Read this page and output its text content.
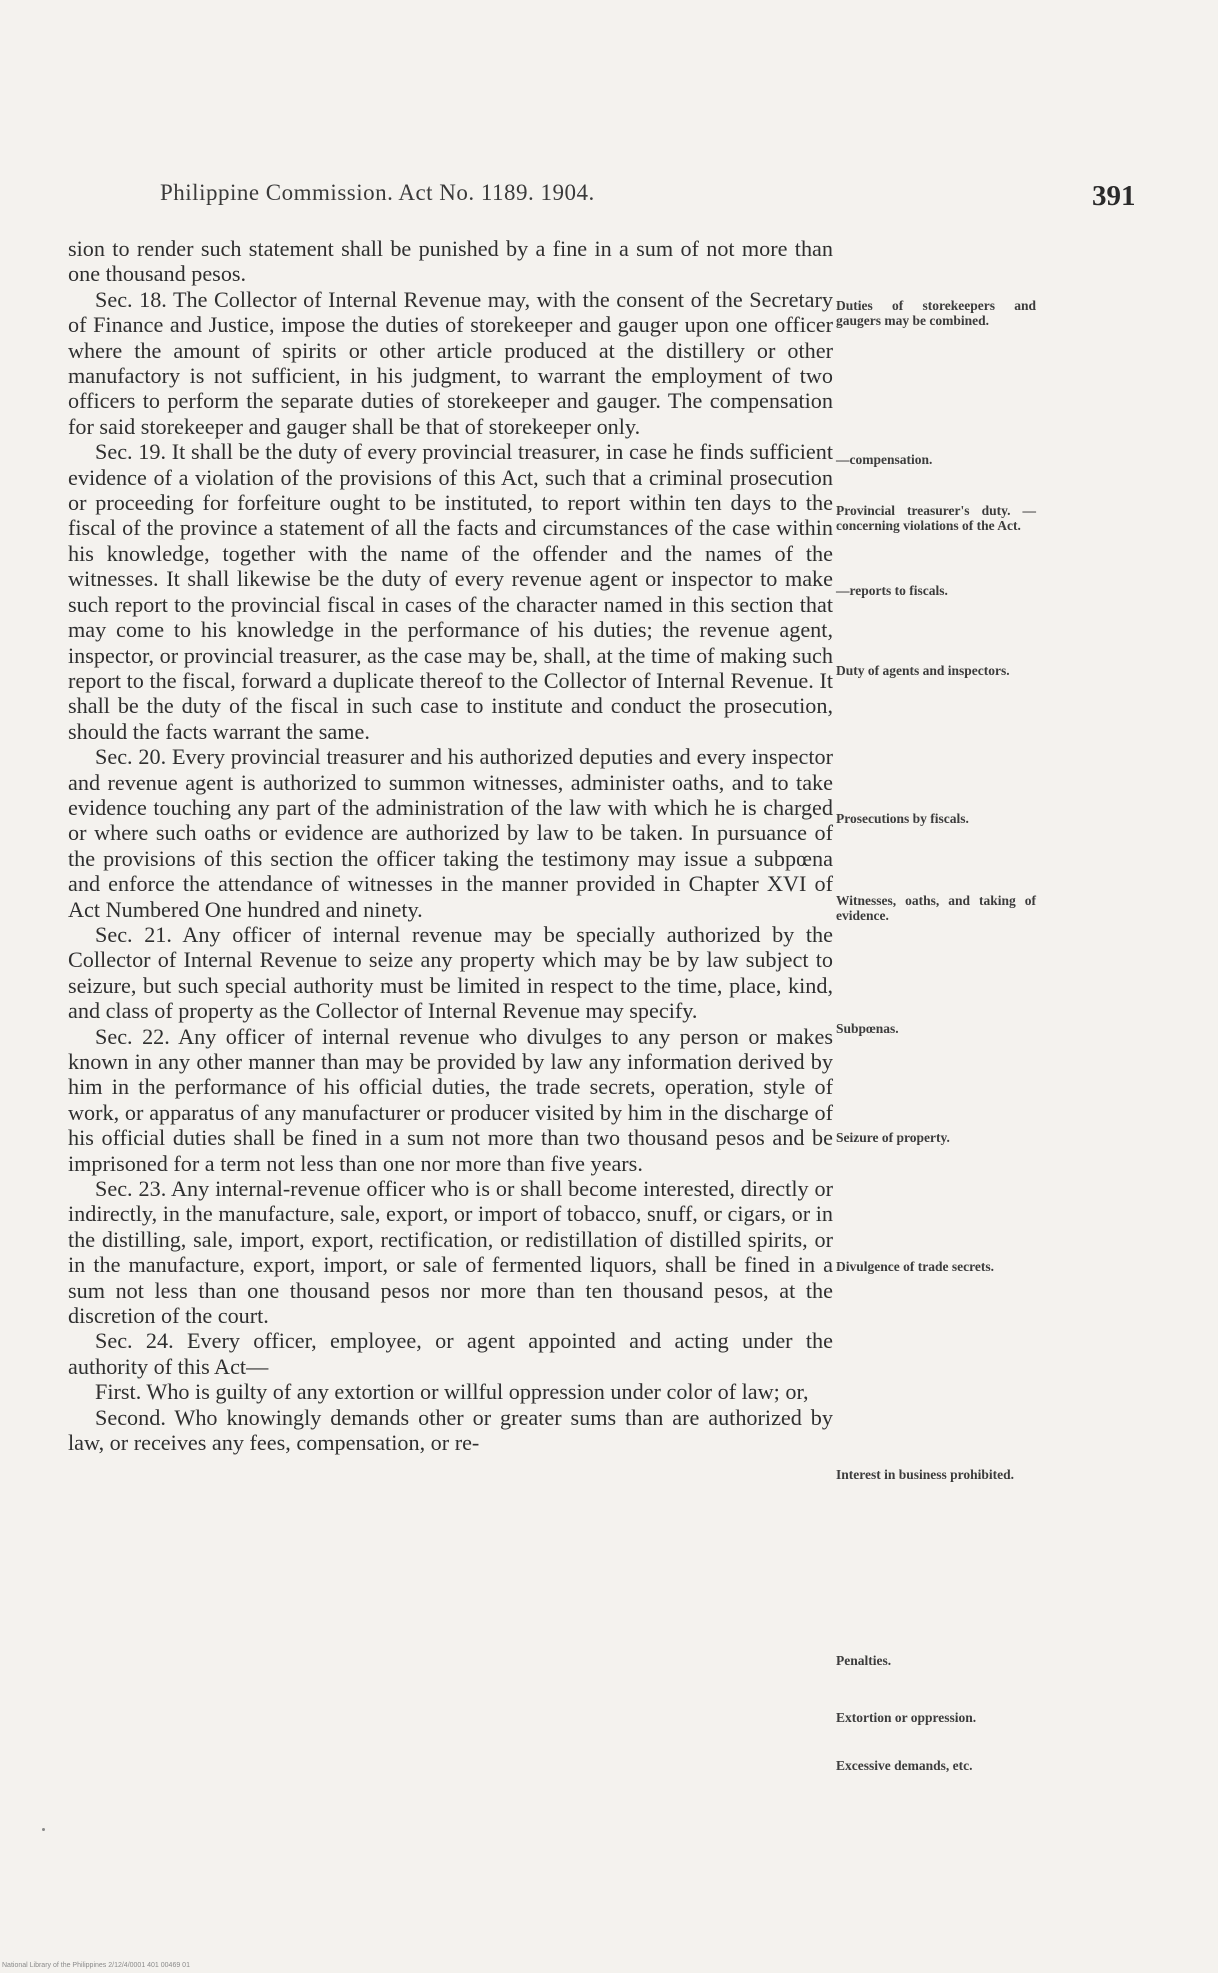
Philippine Commission. Act No. 1189. 1904.	391

sion to render such statement shall be punished by a fine in a sum of not more than one thousand pesos.

Sec. 18. The Collector of Internal Revenue may, with the consent of the Secretary of Finance and Justice, impose the duties of storekeeper and gauger upon one officer where the amount of spirits or other article produced at the distillery or other manufactory is not sufficient, in his judgment, to warrant the employment of two officers to perform the separate duties of storekeeper and gauger. The compensation for said storekeeper and gauger shall be that of storekeeper only.

Sec. 19. It shall be the duty of every provincial treasurer, in case he finds sufficient evidence of a violation of the provisions of this Act, such that a criminal prosecution or proceeding for forfeiture ought to be instituted, to report within ten days to the fiscal of the province a statement of all the facts and circumstances of the case within his knowledge, together with the name of the offender and the names of the witnesses. It shall likewise be the duty of every revenue agent or inspector to make such report to the provincial fiscal in cases of the character named in this section that may come to his knowledge in the performance of his duties; the revenue agent, inspector, or provincial treasurer, as the case may be, shall, at the time of making such report to the fiscal, forward a duplicate thereof to the Collector of Internal Revenue. It shall be the duty of the fiscal in such case to institute and conduct the prosecution, should the facts warrant the same.

Sec. 20. Every provincial treasurer and his authorized deputies and every inspector and revenue agent is authorized to summon witnesses, administer oaths, and to take evidence touching any part of the administration of the law with which he is charged or where such oaths or evidence are authorized by law to be taken. In pursuance of the provisions of this section the officer taking the testimony may issue a subpœna and enforce the attendance of witnesses in the manner provided in Chapter XVI of Act Numbered One hundred and ninety.

Sec. 21. Any officer of internal revenue may be specially authorized by the Collector of Internal Revenue to seize any property which may be by law subject to seizure, but such special authority must be limited in respect to the time, place, kind, and class of property as the Collector of Internal Revenue may specify.

Sec. 22. Any officer of internal revenue who divulges to any person or makes known in any other manner than may be provided by law any information derived by him in the performance of his official duties, the trade secrets, operation, style of work, or apparatus of any manufacturer or producer visited by him in the discharge of his official duties shall be fined in a sum not more than two thousand pesos and be imprisoned for a term not less than one nor more than five years.

Sec. 23. Any internal-revenue officer who is or shall become interested, directly or indirectly, in the manufacture, sale, export, or import of tobacco, snuff, or cigars, or in the distilling, sale, import, export, rectification, or redistillation of distilled spirits, or in the manufacture, export, import, or sale of fermented liquors, shall be fined in a sum not less than one thousand pesos nor more than ten thousand pesos, at the discretion of the court.

Sec. 24. Every officer, employee, or agent appointed and acting under the authority of this Act—

First. Who is guilty of any extortion or willful oppression under color of law; or,

Second. Who knowingly demands other or greater sums than are authorized by law, or receives any fees, compensation, or re-

Duties of storekeepers and gaugers may be combined.
—compensation.
Provincial treasurer's duty. —concerning violations of the Act.
—reports to fiscals.
Duty of agents and inspectors.
Prosecutions by fiscals.
Witnesses, oaths, and taking of evidence.
Subpœnas.
Seizure of property.
Divulgence of trade secrets.
Interest in business prohibited.
Penalties.
Extortion or oppression.
Excessive demands, etc.
National Library of the Philippines 2/12/4/0001 401 00469 01
